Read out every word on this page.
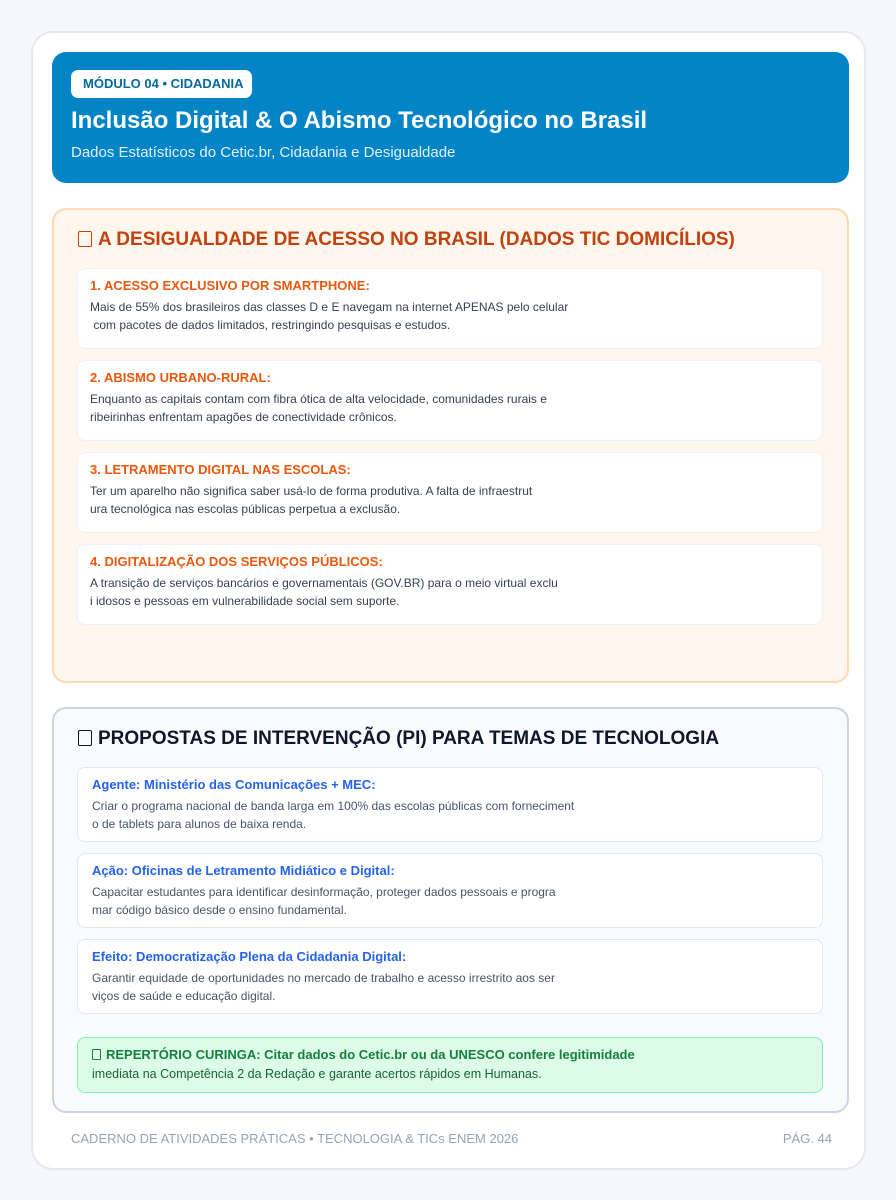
MÓDULO 04 • CIDADANIA
Inclusão Digital & O Abismo Tecnológico no Brasil
Dados Estatísticos do Cetic.br, Cidadania e Desigualdade
A DESIGUALDADE DE ACESSO NO BRASIL (DADOS TIC DOMICÍLIOS)
1. ACESSO EXCLUSIVO POR SMARTPHONE:
Mais de 55% dos brasileiros das classes D e E navegam na internet APENAS pelo celular
com pacotes de dados limitados, restringindo pesquisas e estudos.
2. ABISMO URBANO-RURAL:
Enquanto as capitais contam com fibra ótica de alta velocidade, comunidades rurais e
ribeirinhas enfrentam apagões de conectividade crônicos.
3. LETRAMENTO DIGITAL NAS ESCOLAS:
Ter um aparelho não significa saber usá-lo de forma produtiva. A falta de infraestrut
ura tecnológica nas escolas públicas perpetua a exclusão.
4. DIGITALIZAÇÃO DOS SERVIÇOS PÚBLICOS:
A transição de serviços bancários e governamentais (GOV.BR) para o meio virtual exclu
i idosos e pessoas em vulnerabilidade social sem suporte.
PROPOSTAS DE INTERVENÇÃO (PI) PARA TEMAS DE TECNOLOGIA
Agente: Ministério das Comunicações + MEC:
Criar o programa nacional de banda larga em 100% das escolas públicas com forneciment
o de tablets para alunos de baixa renda.
Ação: Oficinas de Letramento Midiático e Digital:
Capacitar estudantes para identificar desinformação, proteger dados pessoais e progra
mar código básico desde o ensino fundamental.
Efeito: Democratização Plena da Cidadania Digital:
Garantir equidade de oportunidades no mercado de trabalho e acesso irrestrito aos ser
viços de saúde e educação digital.
REPERTÓRIO CURINGA: Citar dados do Cetic.br ou da UNESCO confere legitimidade
imediata na Competência 2 da Redação e garante acertos rápidos em Humanas.
CADERNO DE ATIVIDADES PRÁTICAS • TECNOLOGIA & TICs ENEM 2026	PÁG. 44
